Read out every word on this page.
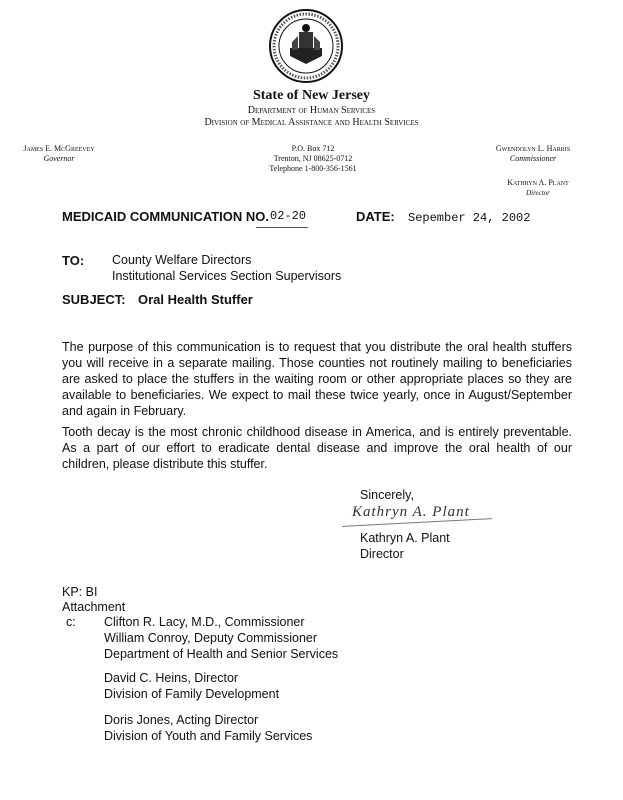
State of New Jersey
Department of Human Services
Division of Medical Assistance and Health Services
James E. McGreevey
Governor
P.O. Box 712
Trenton, NJ 08625-0712
Telephone 1-800-356-1561
Gwendolyn L. Harris
Commissioner
Kathryn A. Plant
Director
MEDICAID COMMUNICATION NO. 02-20	DATE: Sepember 24, 2002
TO: County Welfare Directors
Institutional Services Section Supervisors
SUBJECT: Oral Health Stuffer
The purpose of this communication is to request that you distribute the oral health stuffers you will receive in a separate mailing. Those counties not routinely mailing to beneficiaries are asked to place the stuffers in the waiting room or other appropriate places so they are available to beneficiaries. We expect to mail these twice yearly, once in August/September and again in February.
Tooth decay is the most chronic childhood disease in America, and is entirely preventable. As a part of our effort to eradicate dental disease and improve the oral health of our children, please distribute this stuffer.
Sincerely,
Kathryn A. Plant
Kathryn A. Plant
Director
KP: BI
Attachment
c: Clifton R. Lacy, M.D., Commissioner
William Conroy, Deputy Commissioner
Department of Health and Senior Services
David C. Heins, Director
Division of Family Development
Doris Jones, Acting Director
Division of Youth and Family Services
